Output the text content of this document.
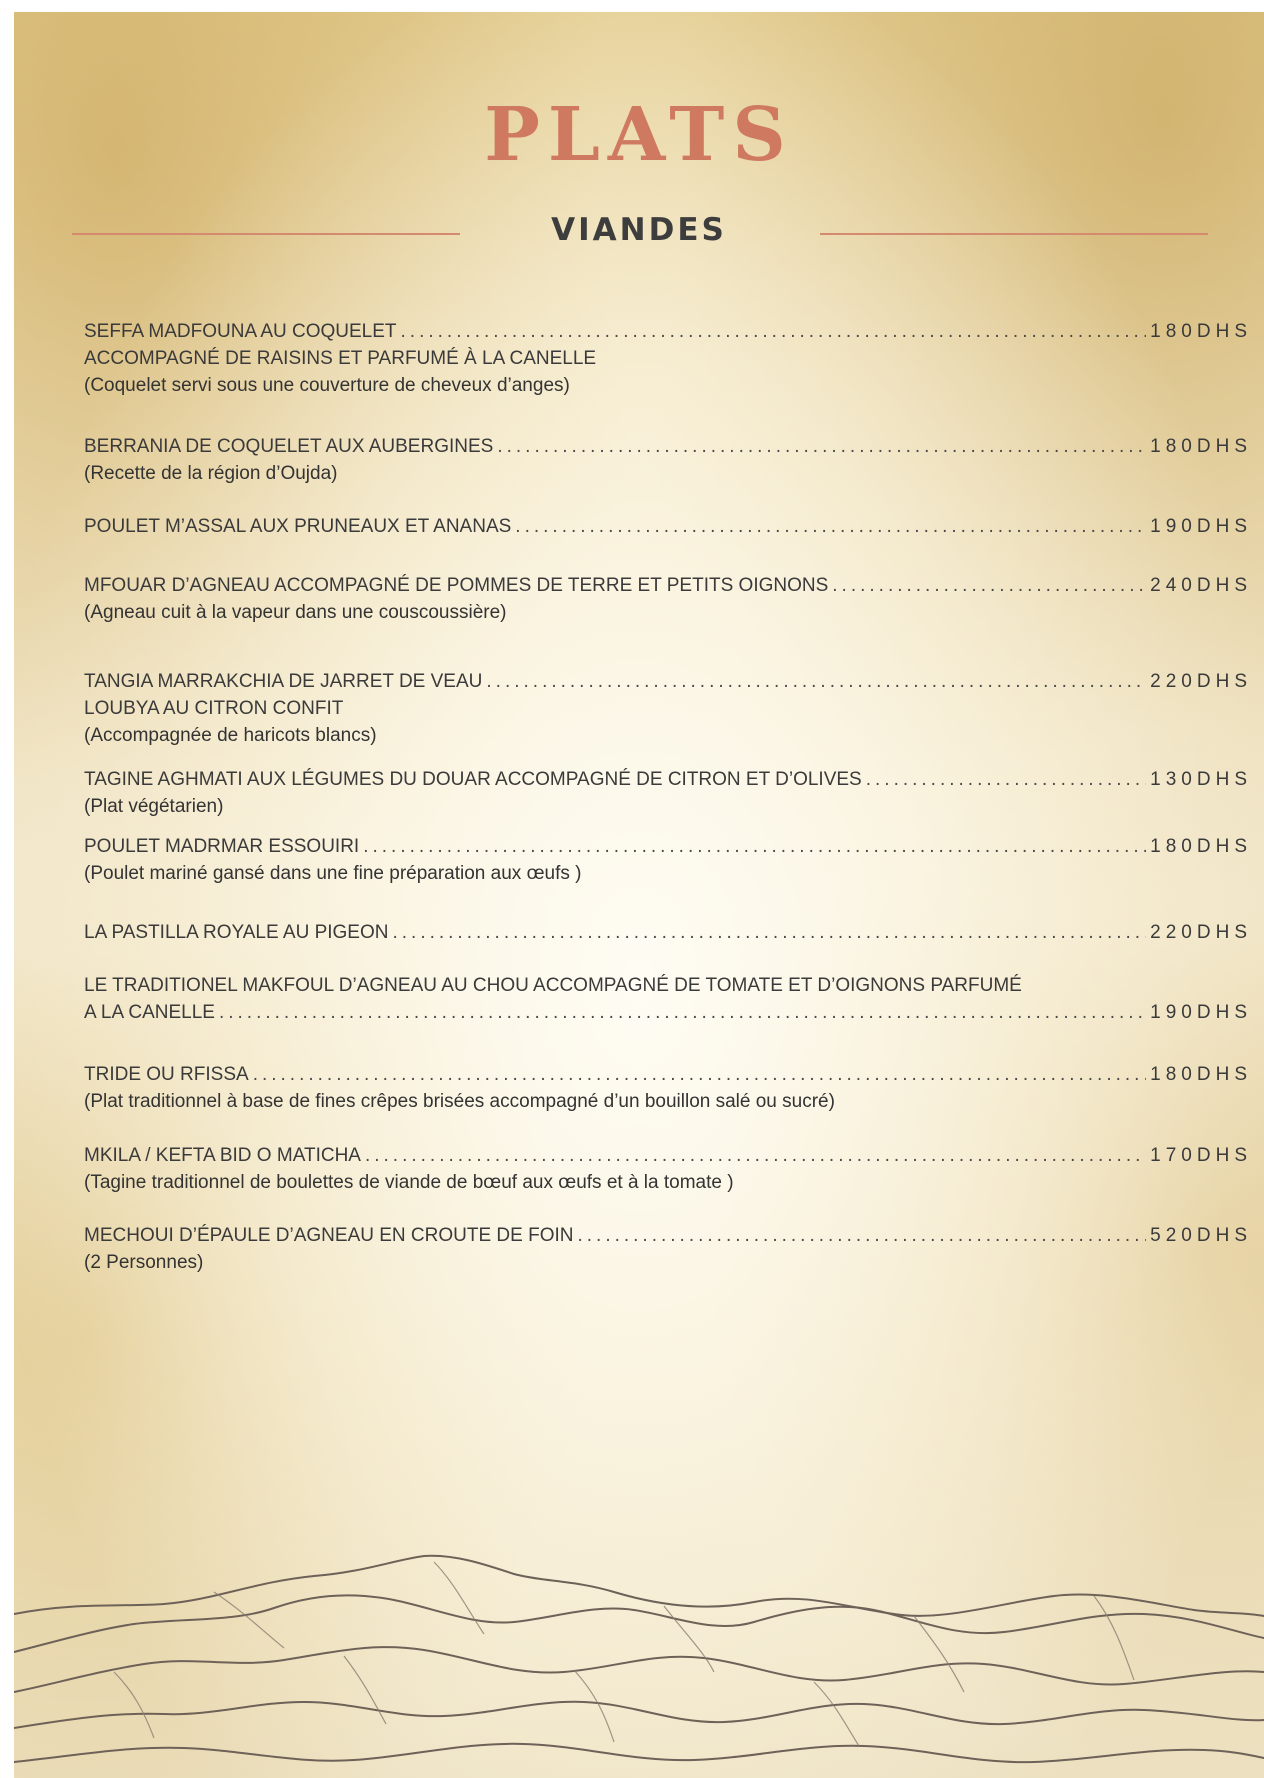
PLATS
VIANDES
SEFFA MADFOUNA AU COQUELET .....	180DHS
ACCOMPAGNÉ DE RAISINS ET PARFUMÉ À LA CANELLE
(Coquelet servi sous une couverture de cheveux d’anges)
BERRANIA DE COQUELET AUX AUBERGINES .....	180DHS
(Recette de la région d’Oujda)
POULET M’ASSAL AUX PRUNEAUX ET ANANAS .....	190DHS
MFOUAR D’AGNEAU ACCOMPAGNÉ DE POMMES DE TERRE ET PETITS OIGNONS .....	240DHS
(Agneau cuit à la vapeur dans une couscoussière)
TANGIA MARRAKCHIA DE JARRET DE VEAU .....	220DHS
LOUBYA AU CITRON CONFIT
(Accompagnée de haricots blancs)
TAGINE AGHMATI AUX LÉGUMES DU DOUAR ACCOMPAGNÉ DE CITRON ET D’OLIVES .....	130DHS
(Plat végétarien)
POULET MADRMAR ESSOUIRI .....	180DHS
(Poulet mariné gansé dans une fine préparation aux œufs )
LA PASTILLA ROYALE AU PIGEON .....	220DHS
LE TRADITIONEL MAKFOUL D’AGNEAU AU CHOU ACCOMPAGNÉ DE TOMATE ET D’OIGNONS PARFUMÉ
A LA CANELLE .....	190DHS
TRIDE OU RFISSA .....	180DHS
(Plat traditionnel à base de fines crêpes brisées accompagné d’un bouillon salé ou sucré)
MKILA / KEFTA BID O MATICHA .....	170DHS
(Tagine traditionnel de boulettes de viande de bœuf aux œufs et à la tomate )
MECHOUI D’ÉPAULE D’AGNEAU EN CROUTE DE FOIN .....	520DHS
(2 Personnes)
